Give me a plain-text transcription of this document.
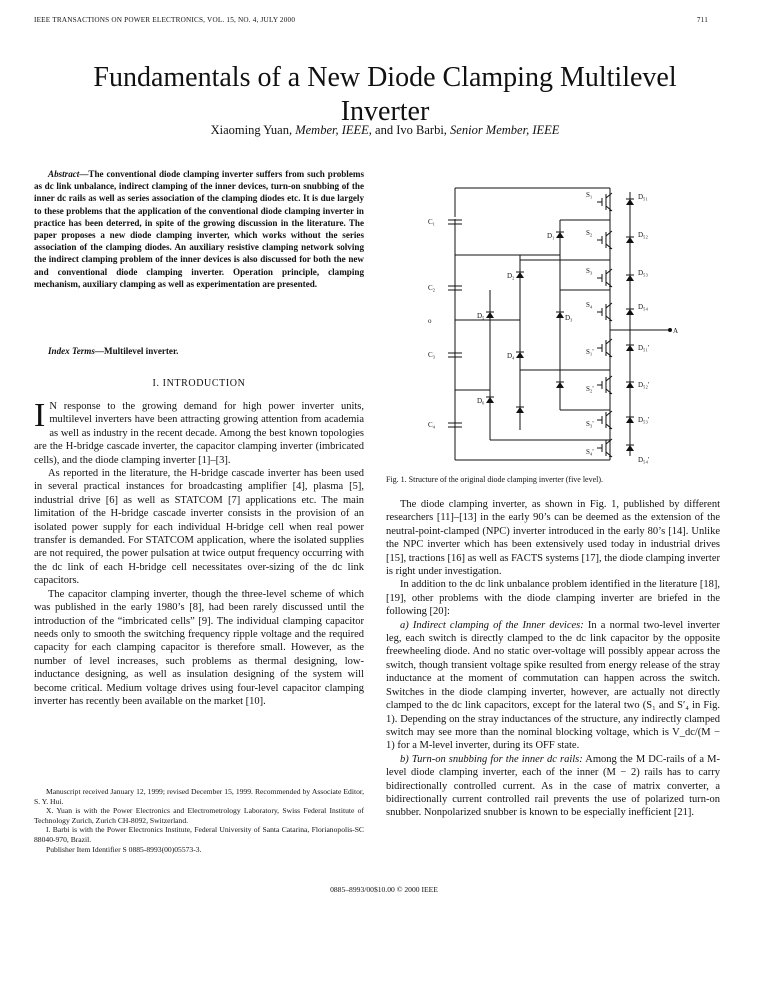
IEEE TRANSACTIONS ON POWER ELECTRONICS, VOL. 15, NO. 4, JULY 2000	711
Fundamentals of a New Diode Clamping Multilevel Inverter
Xiaoming Yuan, Member, IEEE, and Ivo Barbi, Senior Member, IEEE
Abstract—The conventional diode clamping inverter suffers from such problems as dc link unbalance, indirect clamping of the inner devices, turn-on snubbing of the inner dc rails as well as series association of the clamping diodes etc. It is due largely to these problems that the application of the conventional diode clamping inverter in practice has been deterred, in spite of the growing discussion in the literature. The paper proposes a new diode clamping inverter, which works without the series association of the clamping diodes. An auxiliary resistive clamping network solving the indirect clamping problem of the inner devices is also discussed for both the new and conventional diode clamping inverter. Operation principle, clamping mechanism, auxiliary clamping as well as experimentation are presented.
Index Terms—Multilevel inverter.
I. INTRODUCTION

I N response to the growing demand for high power inverter units, multilevel inverters have been attracting growing attention from academia as well as industry in the recent decade. Among the best known topologies are the H-bridge cascade inverter, the capacitor clamping inverter (imbricated cells), and the diode clamping inverter [1]–[3].

As reported in the literature, the H-bridge cascade inverter has been used in several practical instances for broadcasting amplifier [4], plasma [5], industrial drive [6] as well as STATCOM [7] applications etc. The main limitation of the H-bridge cascade inverter consists in the provision of an isolated power supply for each individual H-bridge cell when real power transfer is demanded. For STATCOM application, where the isolated supplies are not required, the power pulsation at twice output frequency occurring with the dc link of each H-bridge cell necessitates over-sizing of the dc link capacitors.

The capacitor clamping inverter, though the three-level scheme of which was published in the early 1980’s [8], had been rarely discussed until the introduction of the “imbricated cells” [9]. The individual clamping capacitor needs only to smooth the switching frequency ripple voltage and the required capacity for each clamping capacitor is therefore small. However, as the number of level increases, such problems as thermal designing, low-inductance designing, as well as insulation designing of the system will become critical. Medium voltage drives using four-level capacitor clamping inverter has recently been available on the market [10].

Manuscript received January 12, 1999; revised December 15, 1999. Recommended by Associate Editor, S. Y. Hui.

X. Yuan is with the Power Electronics and Electrometrology Laboratory, Swiss Federal Institute of Technology Zurich, Zurich CH-8092, Switzerland.

I. Barbi is with the Power Electronics Institute, Federal University of Santa Catarina, Florianopolis-SC 88040-970, Brazil.

Publisher Item Identifier S 0885-8993(00)05573-3.

0885–8993/00$10.00 © 2000 IEEE
C₁
C₂
o
C₃
C₄
A
S₁
S₂
S₃
S₄
S₁'
S₂'
S₃'
S₄'
D₅₁
D₅₂
D₅₃
D₅₄
D₅₁'
D₅₂'
D₅₃'
D₅₄'
D₁
D₂
D₃
D₅
D₄
D₆
Fig. 1. Structure of the original diode clamping inverter (five level).

The diode clamping inverter, as shown in Fig. 1, published by different researchers [11]–[13] in the early 90’s can be deemed as the extension of the neutral-point-clamped (NPC) inverter introduced in the early 80’s [14]. Unlike the NPC inverter which has been extensively used today in industrial drives [15], tractions [16] as well as FACTS systems [17], the diode clamping inverter is right under investigation.

In addition to the dc link unbalance problem identified in the literature [18], [19], other problems with the diode clamping inverter are briefed in the following [20]:

a) Indirect clamping of the Inner devices: In a normal two-level inverter leg, each switch is directly clamped to the dc link capacitor by the opposite freewheeling diode. And no static over-voltage will possibly appear across the switch, though transient voltage spike resulted from energy release of the stray inductance at the moment of commutation can happen across the switch. Switches in the diode clamping inverter, however, are actually not directly clamped to the dc link capacitors, except for the lateral two (S₁ and S′₄ in Fig. 1). Depending on the stray inductances of the structure, any indirectly clamped switch may see more than the nominal blocking voltage, which is V_dc/(M − 1) for a M-level inverter, during its OFF state.

b) Turn-on snubbing for the inner dc rails: Among the M DC-rails of a M-level diode clamping inverter, each of the inner (M − 2) rails has to carry bidirectionally controlled current. As in the case of matrix converter, a bidirectionally current controlled rail prevents the use of polarized turn-on snubber. Nonpolarized snubber is known to be especially inefficient [21].
